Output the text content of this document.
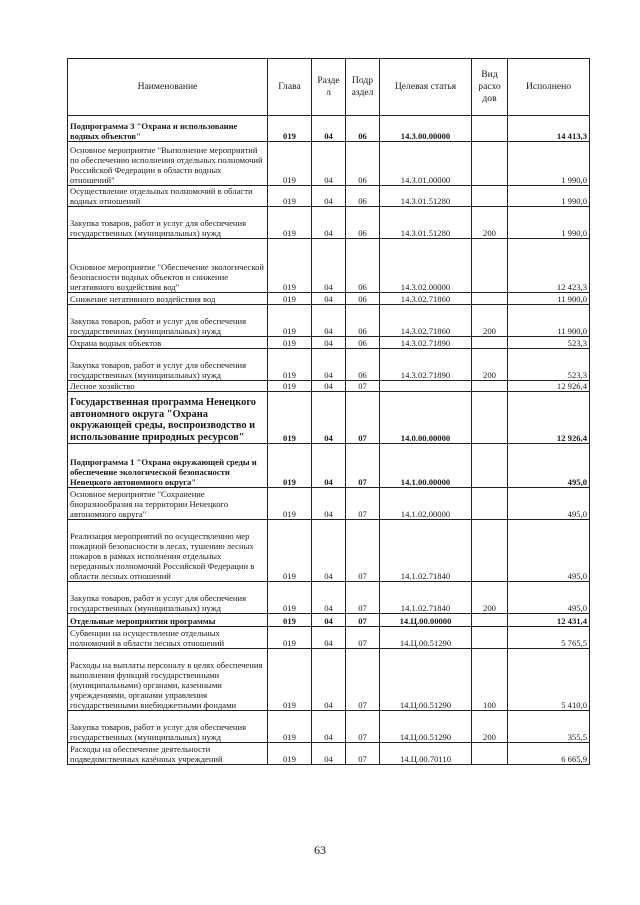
Наименование	Глава	Разде л	Подр аздел	Целевая статья	Вид расхо дов	Исполнено
Подпрограмма 3 "Охрана и использование водных объектов"	019	04	06	14.3.00.00000		14 413,3
Основное мероприятие "Выполнение мероприятий по обеспечению исполнения отдельных полномочий Российской Федерации в области водных отношений"	019	04	06	14.3.01.00000		1 990,0
Осуществление отдельных полномочий в области водных отношений	019	04	06	14.3.01.51280		1 990,0
Закупка товаров, работ и услуг для обеспечения государственных (муниципальных) нужд	019	04	06	14.3.01.51280	200	1 990,0
Основное мероприятие "Обеспечение экологической безопасности водных объектов и снижение негативного воздействия вод"	019	04	06	14.3.02.00000		12 423,3
Снижение негативного воздействия вод	019	04	06	14.3.02.71860		11 900,0
Закупка товаров, работ и услуг для обеспечения государственных (муниципальных) нужд	019	04	06	14.3.02.71860	200	11 900,0
Охрана водных объектов	019	04	06	14.3.02.71890		523,3
Закупка товаров, работ и услуг для обеспечения государственных (муниципальных) нужд	019	04	06	14.3.02.71890	200	523,3
Лесное хозяйство	019	04	07			12 926,4
Государственная программа Ненецкого автономного округа "Охрана окружающей среды, воспроизводство и использование природных ресурсов"	019	04	07	14.0.00.00000		12 926,4
Подпрограмма 1 "Охрана окружающей среды и обеспечение экологической безопасности Ненецкого автономного округа"	019	04	07	14.1.00.00000		495,0
Основное мероприятие "Сохранение биоразнообразия на территории Ненецкого автономного округа"	019	04	07	14.1.02.00000		495,0
Реализация мероприятий по осуществлению мер пожарной безопасности в лесах, тушению лесных пожаров в рамках исполнения отдельных переданных полномочий Российской Федерации в области лесных отношений	019	04	07	14.1.02.71840		495,0
Закупка товаров, работ и услуг для обеспечения государственных (муниципальных) нужд	019	04	07	14.1.02.71840	200	495,0
Отдельные мероприятия программы	019	04	07	14.Ц.00.00000		12 431,4
Субвенции на осуществление отдельных полномочий в области лесных отношений	019	04	07	14.Ц.00.51290		5 765,5
Расходы на выплаты персоналу в целях обеспечения выполнения функций государственными (муниципальными) органами, казенными учреждениями, органами управления государственными внебюджетными фондами	019	04	07	14.Ц.00.51290	100	5 410,0
Закупка товаров, работ и услуг для обеспечения государственных (муниципальных) нужд	019	04	07	14.Ц.00.51290	200	355,5
Расходы на обеспечение деятельности подведомственных казённых учреждений	019	04	07	14.Ц.00.70110		6 665,9
63
